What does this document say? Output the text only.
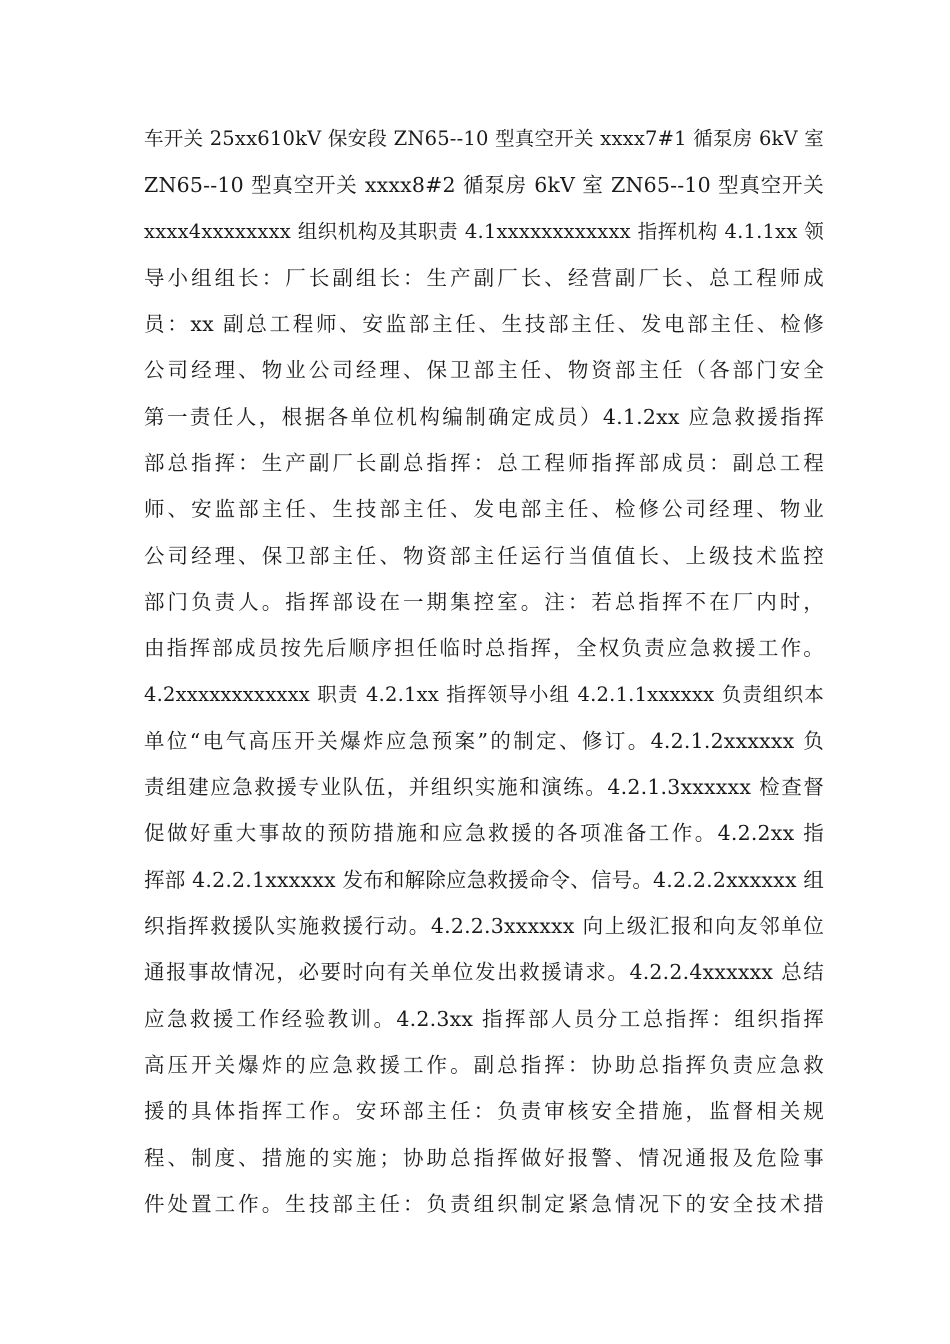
车开关 25xx610kV 保安段 ZN65--10 型真空开关 xxxx7#1 循泵房 6kV 室
ZN65--10 型真空开关 xxxx8#2 循泵房 6kV 室 ZN65--10 型真空开关
xxxx4xxxxxxxx 组织机构及其职责 4.1xxxxxxxxxxxx 指挥机构 4.1.1xx 领
导小组组长：厂长副组长：生产副厂长、经营副厂长、总工程师成
员：xx 副总工程师、安监部主任、生技部主任、发电部主任、检修
公司经理、物业公司经理、保卫部主任、物资部主任（各部门安全
第一责任人，根据各单位机构编制确定成员）4.1.2xx 应急救援指挥
部总指挥：生产副厂长副总指挥：总工程师指挥部成员：副总工程
师、安监部主任、生技部主任、发电部主任、检修公司经理、物业
公司经理、保卫部主任、物资部主任运行当值值长、上级技术监控
部门负责人。指挥部设在一期集控室。注：若总指挥不在厂内时，
由指挥部成员按先后顺序担任临时总指挥，全权负责应急救援工作。
4.2xxxxxxxxxxxx 职责 4.2.1xx 指挥领导小组 4.2.1.1xxxxxx 负责组织本
单位“电气高压开关爆炸应急预案”的制定、修订。4.2.1.2xxxxxx 负
责组建应急救援专业队伍，并组织实施和演练。4.2.1.3xxxxxx 检查督
促做好重大事故的预防措施和应急救援的各项准备工作。4.2.2xx 指
挥部 4.2.2.1xxxxxx 发布和解除应急救援命令、信号。4.2.2.2xxxxxx 组
织指挥救援队实施救援行动。4.2.2.3xxxxxx 向上级汇报和向友邻单位
通报事故情况，必要时向有关单位发出救援请求。4.2.2.4xxxxxx 总结
应急救援工作经验教训。4.2.3xx 指挥部人员分工总指挥：组织指挥
高压开关爆炸的应急救援工作。副总指挥：协助总指挥负责应急救
援的具体指挥工作。安环部主任：负责审核安全措施，监督相关规
程、制度、措施的实施；协助总指挥做好报警、情况通报及危险事
件处置工作。生技部主任：负责组织制定紧急情况下的安全技术措
